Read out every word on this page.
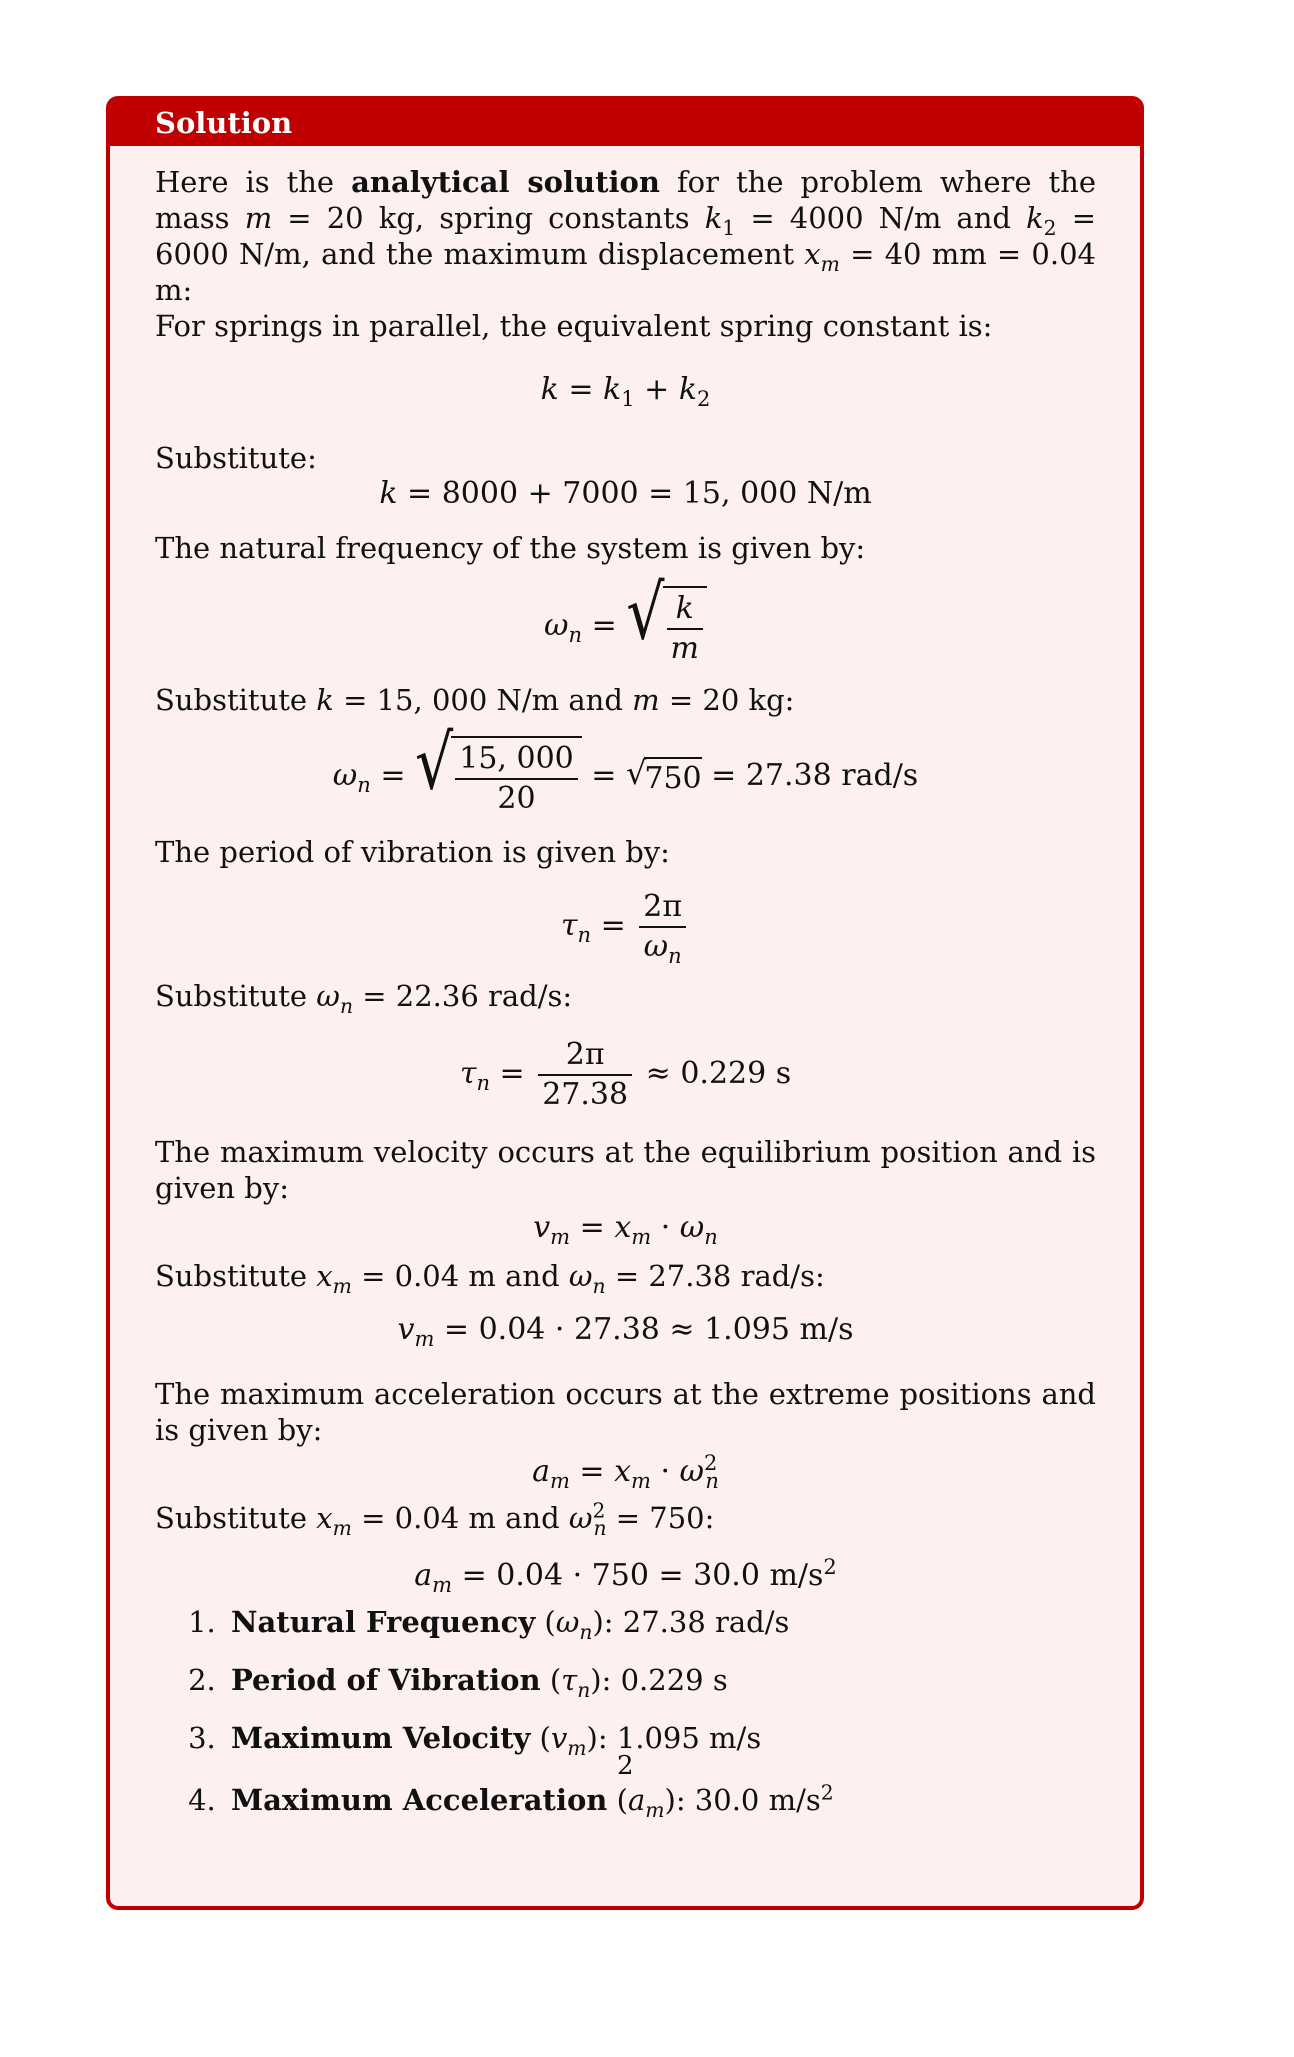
Solution

Here is the analytical solution for the problem where the mass m = 20 kg, spring constants $k_1 = 4000$ N/m and $k_2 = 6000$ N/m, and the maximum displacement $x_m = 40$ mm = 0.04 m:

For springs in parallel, the equivalent spring constant is:

$k = k_1 + k_2$

Substitute:

k = 8000 + 7000 = 15, 000 N/m

The natural frequency of the system is given by:

$\omega_n$ = √ $\frac{k}{m}$

Substitute k = 15, 000 N/m and m = 20 kg:

$\omega_n$ = √ $\frac{15, 000}{20}$ = √
750 = 27.38 rad/s

The period of vibration is given by:

$\tau_n = \frac{2\pi}{\omega_n}$

Substitute $\omega_n = 22.36$ rad/s:

$\tau_n = \frac{2\pi}{27.38} \approx 0.229$ s

The maximum velocity occurs at the equilibrium position and is given by:

$v_m = x_m \cdot \omega_n$

Substitute $x_m = 0.04$ m and $\omega_n = 27.38$ rad/s:

$v_m = 0.04 \cdot 27.38 \approx 1.095$ m/s

The maximum acceleration occurs at the extreme positions and is given by:

$a_m = x_m \cdot \omega^2_n$

Substitute $x_m = 0.04$ m and $\omega^2_n = 750$:

$a_m = 0.04 \cdot 750 = 30.0$ $m/s^2$
1. Natural Frequency $(\omega_n)$: 27.38 rad/s
2. Period of Vibration $(\tau_n)$: 0.229 s
3. Maximum Velocity $(v_m)$: 1.095 m/s
2
4. Maximum Acceleration $(a_m)$: 30.0 $m/s^2$
